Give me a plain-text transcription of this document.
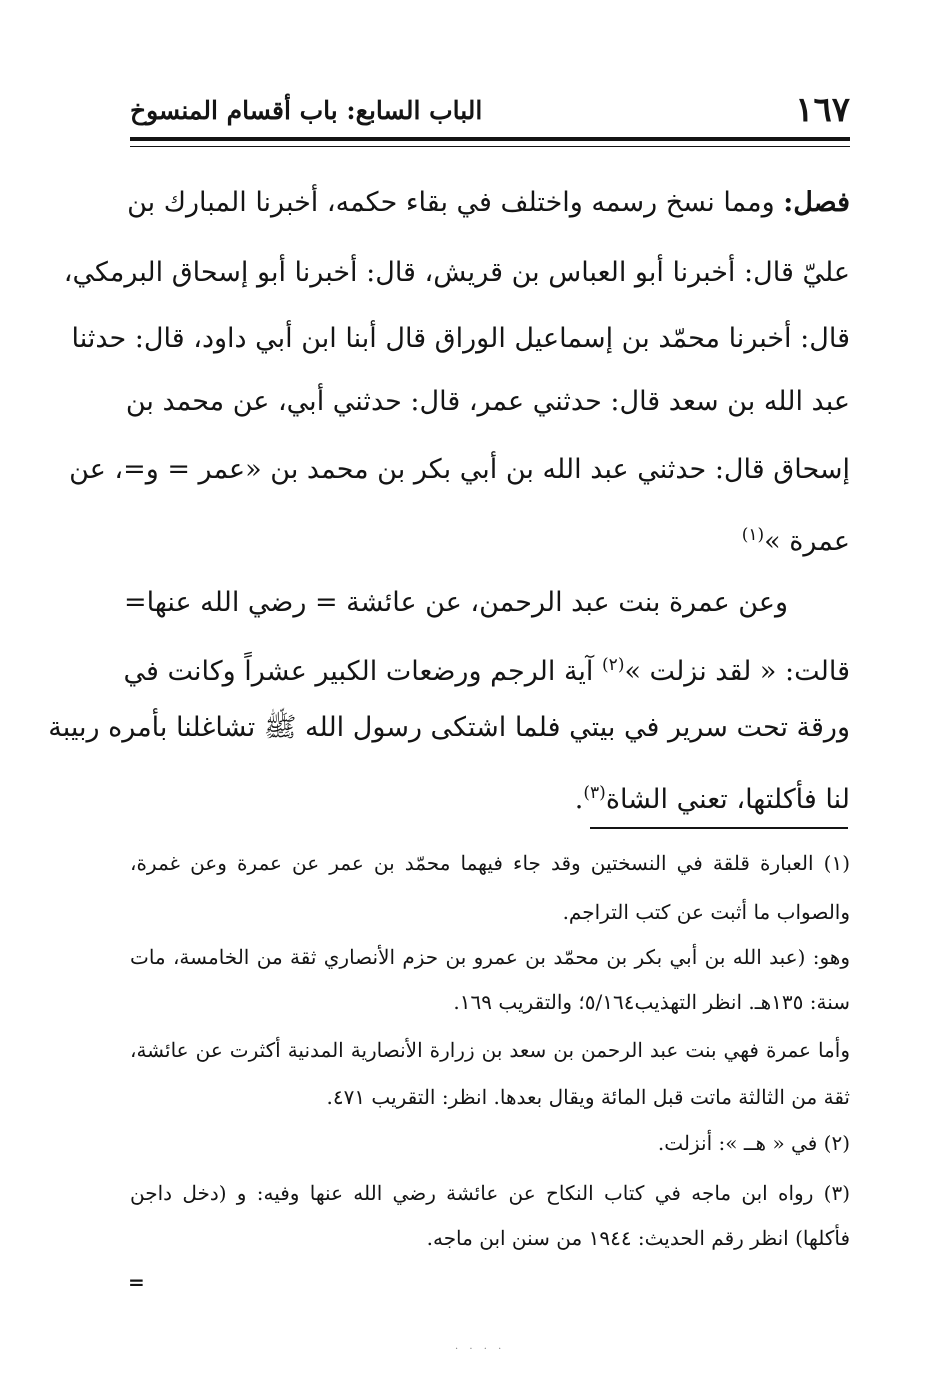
١٦٧
الباب السابع: باب أقسام المنسوخ
فصل: ومما نسخ رسمه واختلف في بقاء حكمه، أخبرنا المبارك بن
عليّ قال: أخبرنا أبو العباس بن قريش، قال: أخبرنا أبو إسحاق البرمكي،
قال: أخبرنا محمّد بن إسماعيل الوراق قال أبنا ابن أبي داود، قال: حدثنا
عبد الله بن سعد قال: حدثني عمر، قال: حدثني أبي، عن محمد بن
إسحاق قال: حدثني عبد الله بن أبي بكر بن محمد بن «عمر = و=، عن
عمرة »$^{(١)}$
وعن عمرة بنت عبد الرحمن، عن عائشة = رضي الله عنها=
قالت: « لقد نزلت »$^{(٢)}$ آية الرجم ورضعات الكبير عشراً وكانت في
ورقة تحت سرير في بيتي فلما اشتكى رسول الله ﷺ تشاغلنا بأمره ربيبة
لنا فأكلتها، تعني الشاة$^{(٣)}$.
(١) العبارة قلقة في النسختين وقد جاء فيهما محمّد بن عمر عن عمرة وعن غمرة،
والصواب ما أثبت عن كتب التراجم.
وهو: (عبد الله بن أبي بكر بن محمّد بن عمرو بن حزم الأنصاري ثقة من الخامسة، مات
سنة: ١٣٥هـ. انظر التهذيب٥/١٦٤؛ والتقريب ١٦٩.
وأما عمرة فهي بنت عبد الرحمن بن سعد بن زرارة الأنصارية المدنية أكثرت عن عائشة،
ثقة من الثالثة ماتت قبل المائة ويقال بعدها. انظر: التقريب ٤٧١.
(٢) في « هــ »: أنزلت.
(٣) رواه ابن ماجه في كتاب النكاح عن عائشة رضي الله عنها وفيه: و (دخل داجن
فأكلها) انظر رقم الحديث: ١٩٤٤ من سنن ابن ماجه.
=
· · · ·
